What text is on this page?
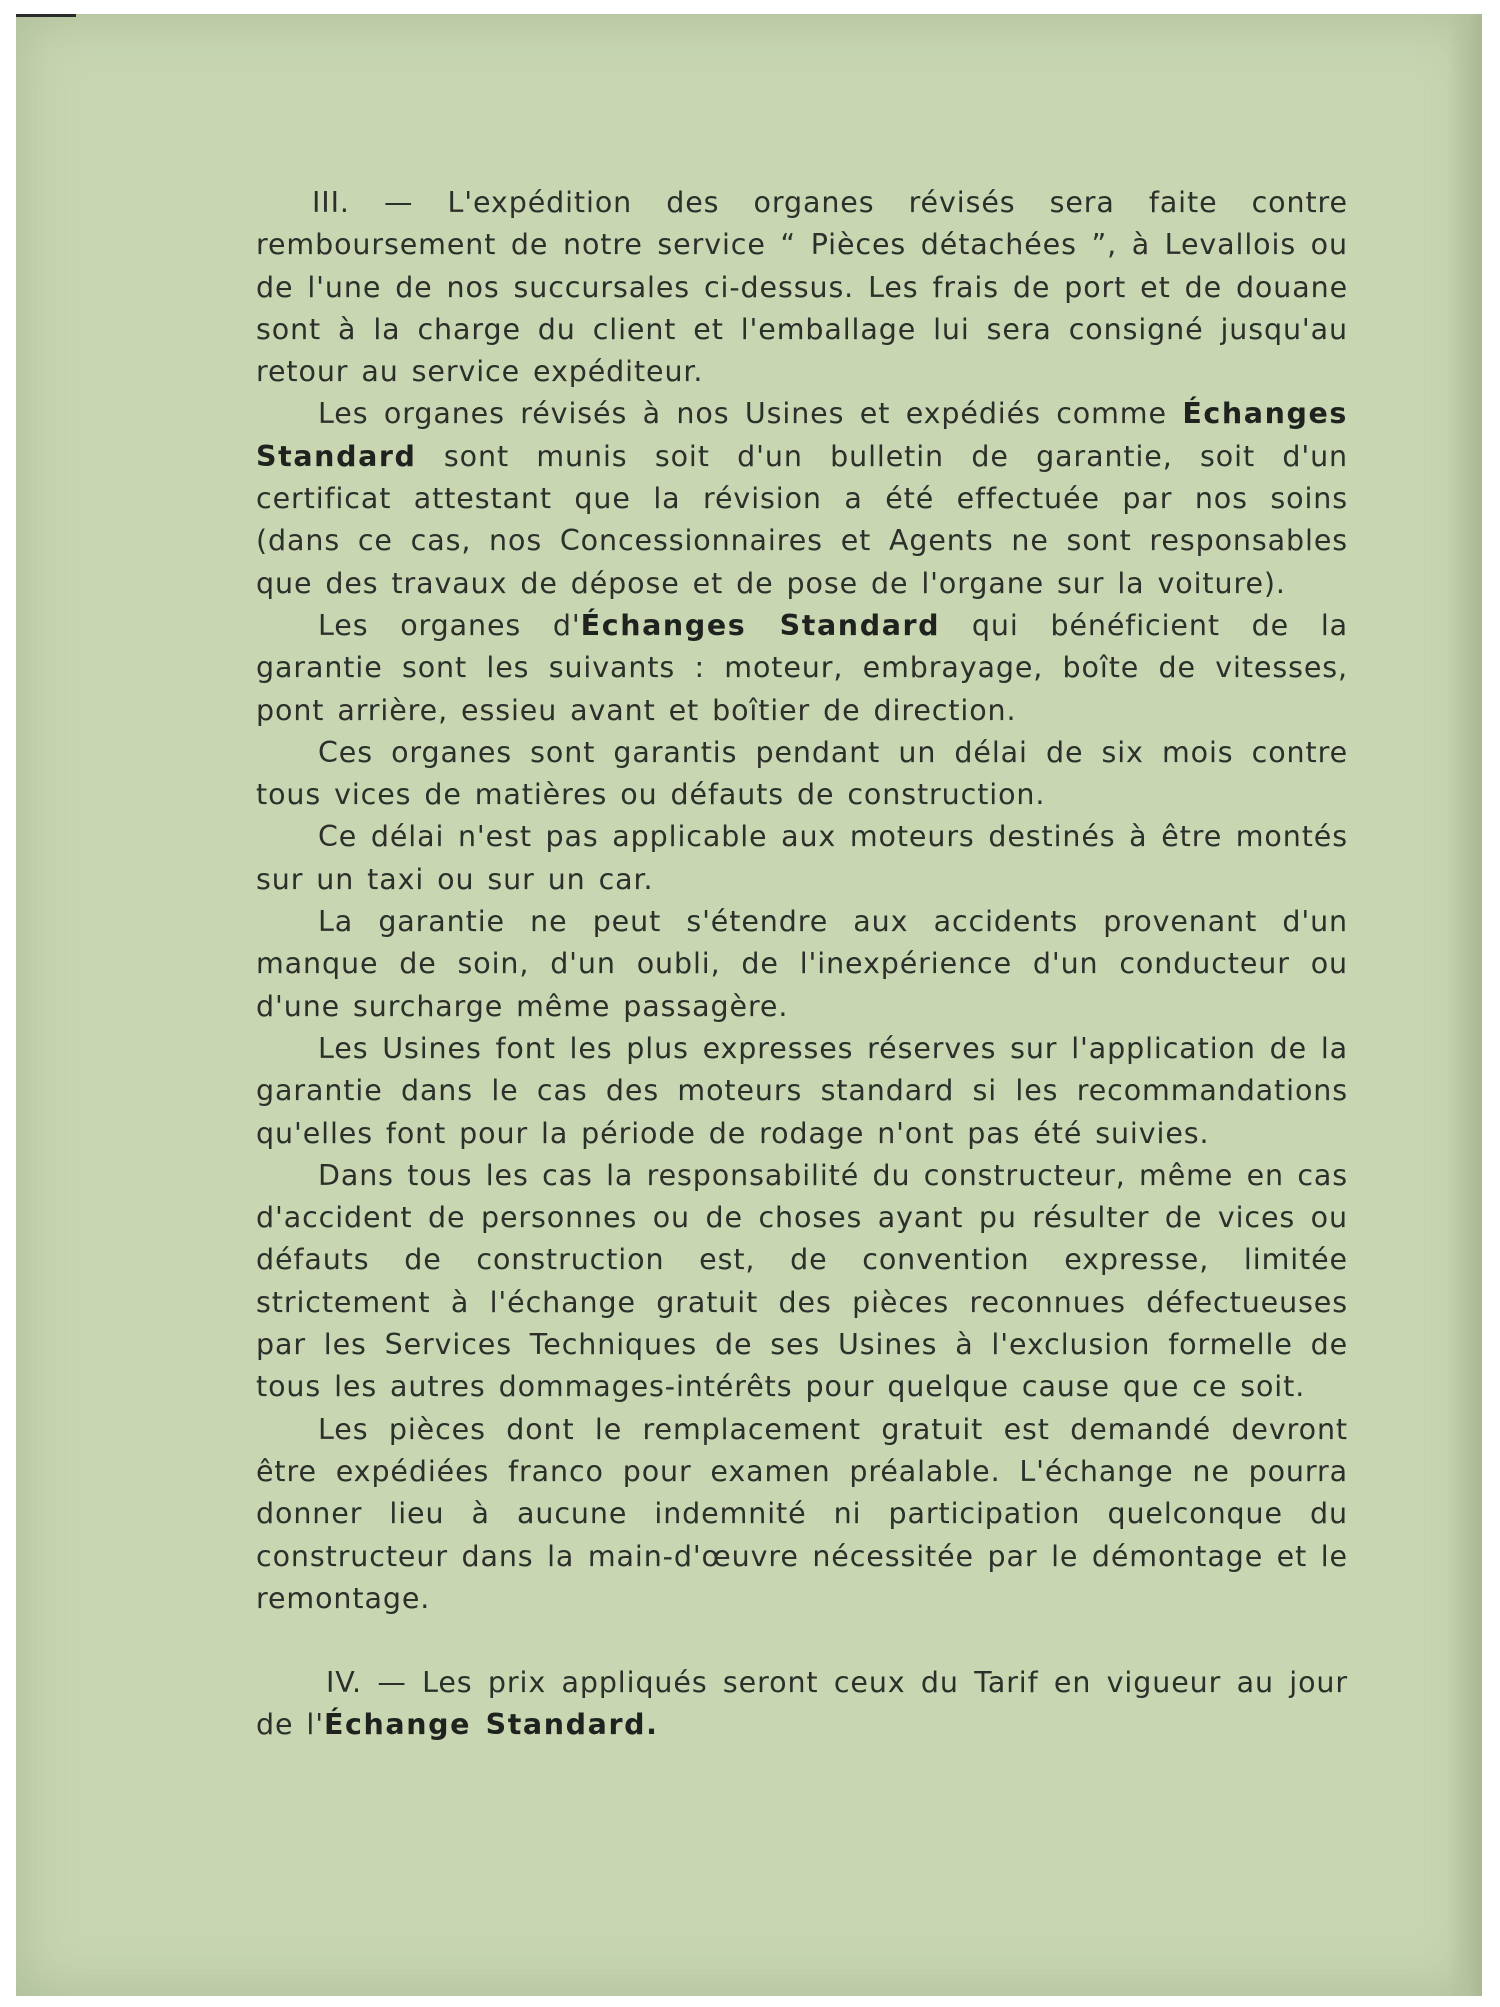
III. — L'expédition des organes révisés sera faite contre remboursement de notre service “ Pièces détachées ”, à Levallois ou de l'une de nos succursales ci-dessus. Les frais de port et de douane sont à la charge du client et l'emballage lui sera consigné jusqu'au retour au service expéditeur.

Les organes révisés à nos Usines et expédiés comme Échanges Standard sont munis soit d'un bulletin de garantie, soit d'un certificat attestant que la révision a été effectuée par nos soins (dans ce cas, nos Concessionnaires et Agents ne sont responsables que des travaux de dépose et de pose de l'organe sur la voiture).

Les organes d'Échanges Standard qui bénéficient de la garantie sont les suivants : moteur, embrayage, boîte de vitesses, pont arrière, essieu avant et boîtier de direction.

Ces organes sont garantis pendant un délai de six mois contre tous vices de matières ou défauts de construction.

Ce délai n'est pas applicable aux moteurs destinés à être montés sur un taxi ou sur un car.

La garantie ne peut s'étendre aux accidents provenant d'un manque de soin, d'un oubli, de l'inexpérience d'un conducteur ou d'une surcharge même passagère.

Les Usines font les plus expresses réserves sur l'application de la garantie dans le cas des moteurs standard si les recommandations qu'elles font pour la période de rodage n'ont pas été suivies.

Dans tous les cas la responsabilité du constructeur, même en cas d'accident de personnes ou de choses ayant pu résulter de vices ou défauts de construction est, de convention expresse, limitée strictement à l'échange gratuit des pièces reconnues défectueuses par les Services Techniques de ses Usines à l'exclusion formelle de tous les autres dommages-intérêts pour quelque cause que ce soit.

Les pièces dont le remplacement gratuit est demandé devront être expédiées franco pour examen préalable. L'échange ne pourra donner lieu à aucune indemnité ni participation quelconque du constructeur dans la main-d'œuvre nécessitée par le démontage et le remontage.

IV. — Les prix appliqués seront ceux du Tarif en vigueur au jour de l'Échange Standard.
